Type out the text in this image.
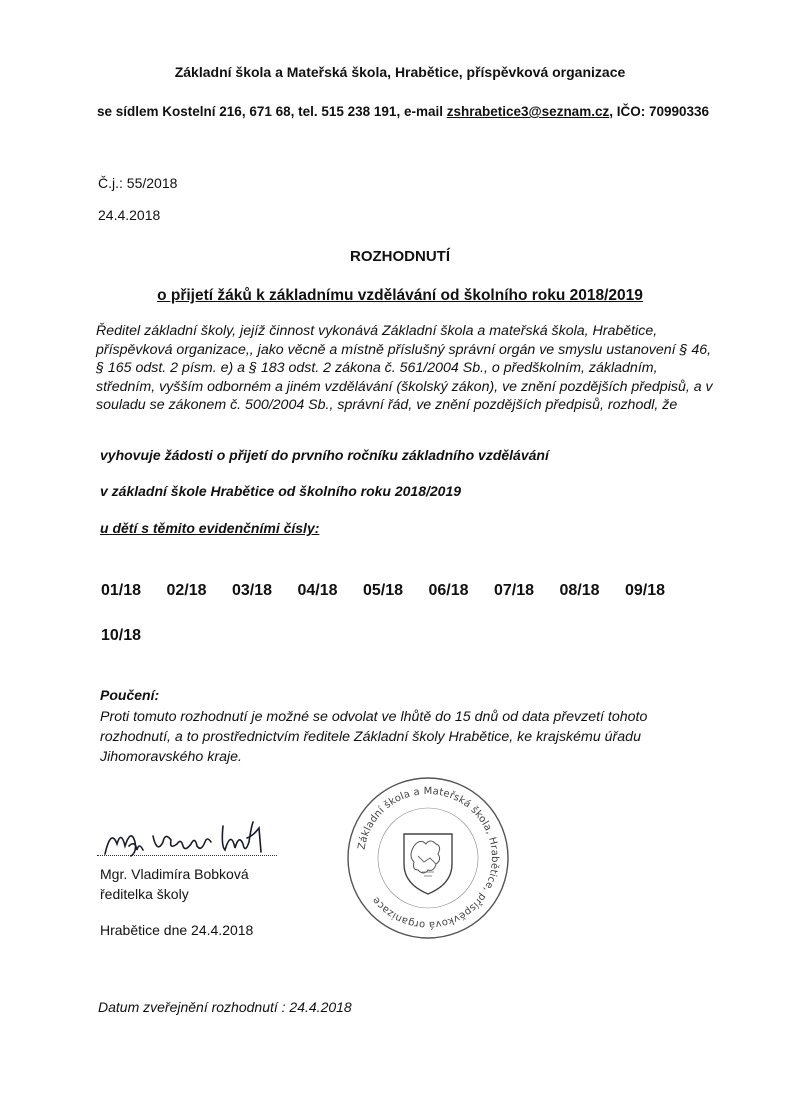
Základní škola a Mateřská škola, Hrabětice, příspěvková organizace
se sídlem Kostelní 216, 671 68, tel. 515 238 191, e-mail zshrabetice3@seznam.cz, IČO: 70990336
Č.j.: 55/2018
24.4.2018
ROZHODNUTÍ
o přijetí žáků k základnímu vzdělávání od školního roku 2018/2019
Ředitel základní školy, jejíž činnost vykonává Základní škola a mateřská škola, Hrabětice, příspěvková organizace,, jako věcně a místně příslušný správní orgán ve smyslu ustanovení § 46, § 165 odst. 2 písm. e) a § 183 odst. 2 zákona č. 561/2004 Sb., o předškolním, základním, středním, vyšším odborném a jiném vzdělávání (školský zákon), ve znění pozdějších předpisů, a v souladu se zákonem č. 500/2004 Sb., správní řád, ve znění pozdějších předpisů, rozhodl, že
vyhovuje žádosti o přijetí do prvního ročníku základního vzdělávání
v základní škole Hrabětice od školního roku 2018/2019
u dětí s těmito evidenčními čísly:
01/18	02/18	03/18	04/18	05/18	06/18	07/18	08/18	09/18
10/18
Poučení:
Proti tomuto rozhodnutí je možné se odvolat ve lhůtě do 15 dnů od data převzetí tohoto rozhodnutí, a to prostřednictvím ředitele Základní školy Hrabětice, ke krajskému úřadu Jihomoravského kraje.
Základní škola a Mateřská škola, Hrabětice, příspěvková organizace
Mgr. Vladimíra Bobková
ředitelka školy
Hrabětice dne 24.4.2018
Datum zveřejnění rozhodnutí : 24.4.2018
